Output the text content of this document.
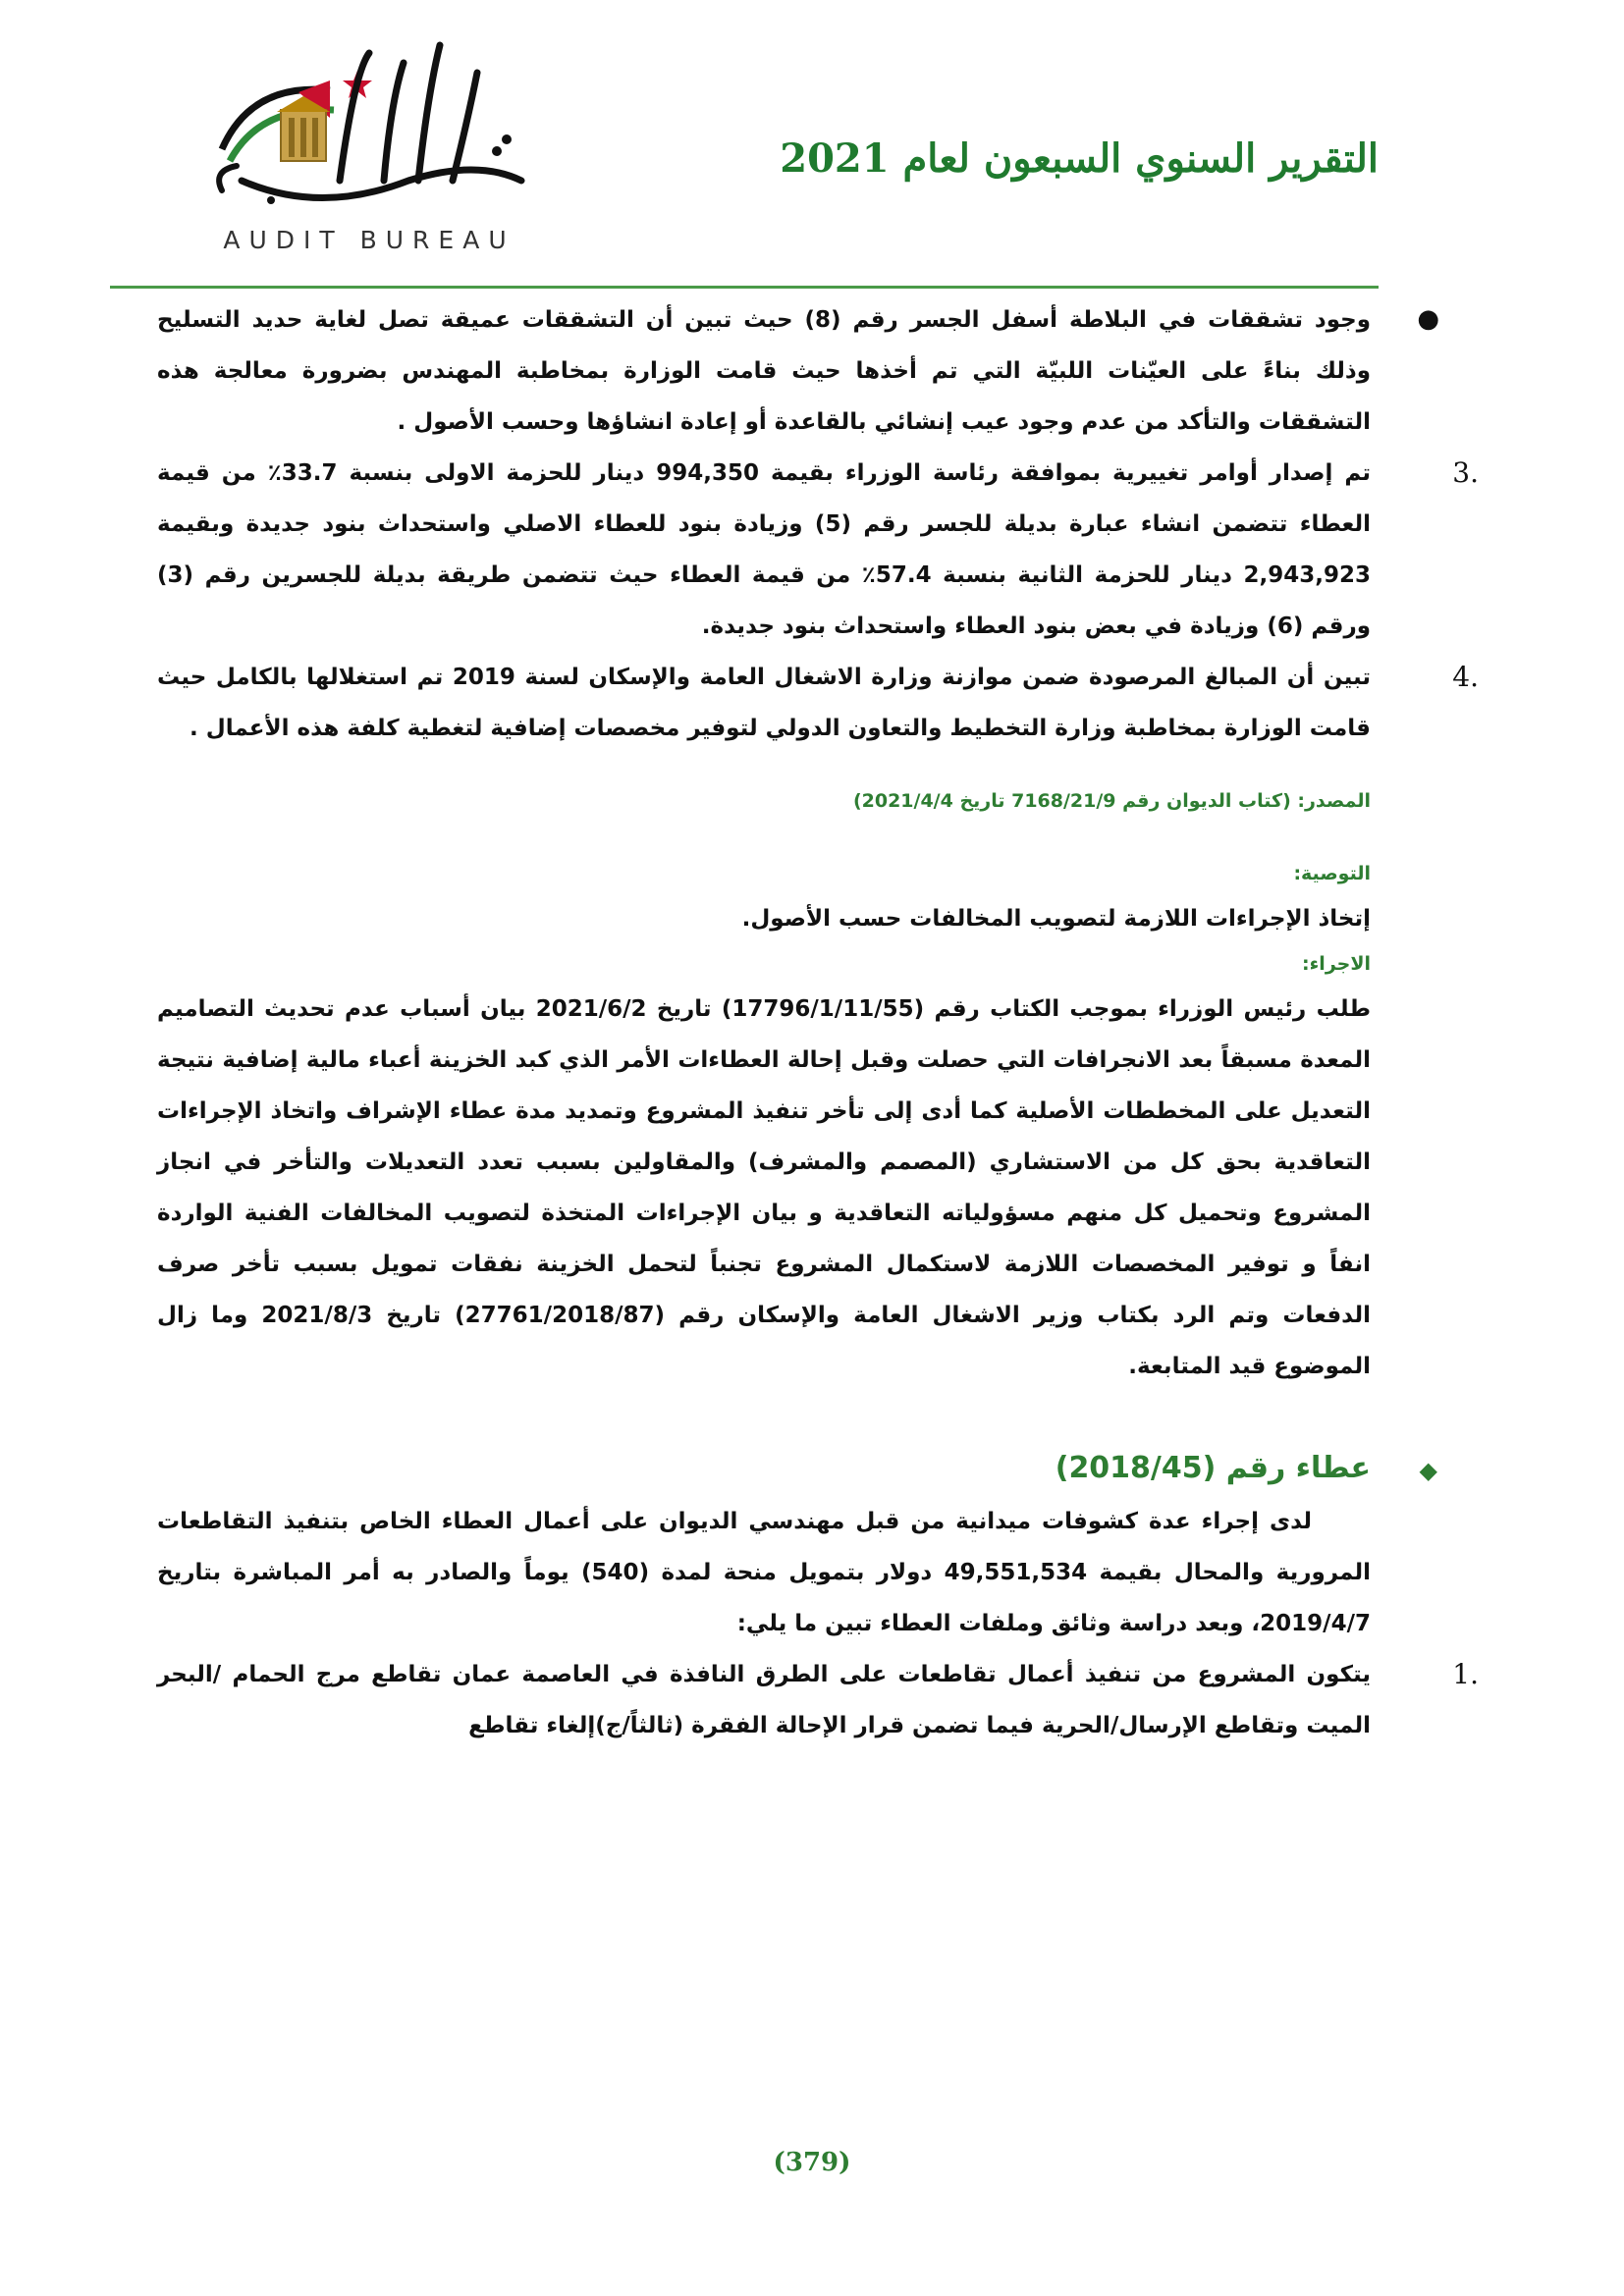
التقرير السنوي السبعون لعام 2021
AUDIT BUREAU
●

وجود تشققات في البلاطة أسفل الجسر رقم (8) حيث تبين أن التشققات عميقة تصل لغاية حديد التسليح وذلك بناءً على العيّنات اللبيّة التي تم أخذها حيث قامت الوزارة بمخاطبة المهندس بضرورة معالجة هذه التشققات والتأكد من عدم وجود عيب إنشائي بالقاعدة أو إعادة انشاؤها وحسب الأصول .

3.

تم إصدار أوامر تغييرية بموافقة رئاسة الوزراء بقيمة 994,350 دينار للحزمة الاولى بنسبة 33.7٪ من قيمة العطاء تتضمن انشاء عبارة بديلة للجسر رقم (5) وزيادة بنود للعطاء الاصلي واستحداث بنود جديدة وبقيمة 2,943,923 دينار للحزمة الثانية بنسبة 57.4٪ من قيمة العطاء حيث تتضمن طريقة بديلة للجسرين رقم (3) ورقم (6) وزيادة في بعض بنود العطاء واستحداث بنود جديدة.

4.

تبين أن المبالغ المرصودة ضمن موازنة وزارة الاشغال العامة والإسكان لسنة 2019 تم استغلالها بالكامل حيث قامت الوزارة بمخاطبة وزارة التخطيط والتعاون الدولي لتوفير مخصصات إضافية لتغطية كلفة هذه الأعمال .

المصدر: (كتاب الديوان رقم 7168/21/9 تاريخ 2021/4/4)

التوصية:

إتخاذ الإجراءات اللازمة لتصويب المخالفات حسب الأصول.

الاجراء:

طلب رئيس الوزراء بموجب الكتاب رقم (17796/1/11/55) تاريخ 2021/6/2 بيان أسباب عدم تحديث التصاميم المعدة مسبقاً بعد الانجرافات التي حصلت وقبل إحالة العطاءات الأمر الذي كبد الخزينة أعباء مالية إضافية نتيجة التعديل على المخططات الأصلية كما أدى إلى تأخر تنفيذ المشروع وتمديد مدة عطاء الإشراف واتخاذ الإجراءات التعاقدية بحق كل من الاستشاري (المصمم والمشرف) والمقاولين بسبب تعدد التعديلات والتأخر في انجاز المشروع وتحميل كل منهم مسؤولياته التعاقدية و بيان الإجراءات المتخذة لتصويب المخالفات الفنية الواردة انفاً و توفير المخصصات اللازمة لاستكمال المشروع تجنباً لتحمل الخزينة نفقات تمويل بسبب تأخر صرف الدفعات وتم الرد بكتاب وزير الاشغال العامة والإسكان رقم (27761/2018/87) تاريخ 2021/8/3 وما زال الموضوع قيد المتابعة.

◆
عطاء رقم (2018/45)

لدى إجراء عدة كشوفات ميدانية من قبل مهندسي الديوان على أعمال العطاء الخاص بتنفيذ التقاطعات المرورية والمحال بقيمة 49,551,534 دولار بتمويل منحة لمدة (540) يوماً والصادر به أمر المباشرة بتاريخ 2019/4/7، وبعد دراسة وثائق وملفات العطاء تبين ما يلي:

1.

يتكون المشروع من تنفيذ أعمال تقاطعات على الطرق النافذة في العاصمة عمان تقاطع مرج الحمام /البحر الميت وتقاطع الإرسال/الحرية فيما تضمن قرار الإحالة الفقرة (ثالثاً/ج)إلغاء تقاطع

(379)
